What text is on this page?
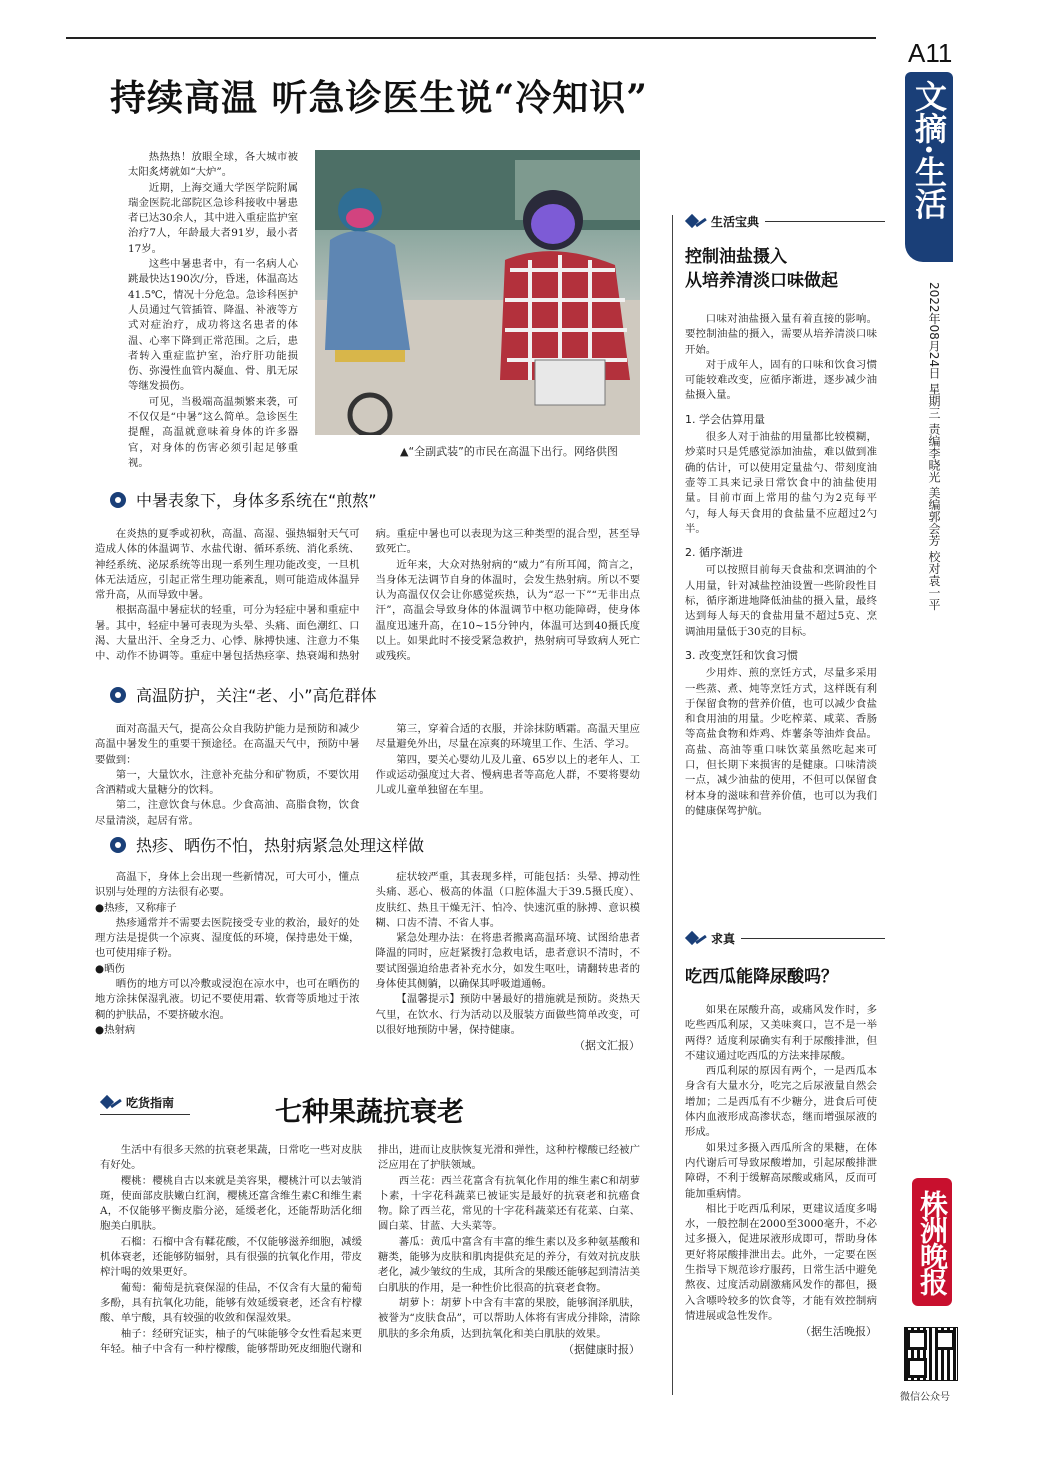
A11
文摘·生活
2022年08月24日 星期三 责编李晓光 美编郭会芳 校对袁一平
株洲晚报
微信公众号
持续高温 听急诊医生说“冷知识”

热热热！放眼全球，各大城市被太阳炙烤就如“大炉”。

近期，上海交通大学医学院附属瑞金医院北部院区急诊科接收中暑患者已达30余人，其中进入重症监护室治疗7人，年龄最大者91岁，最小者17岁。

这些中暑患者中，有一名病人心跳最快达190次/分，昏迷，体温高达41.5℃，情况十分危急。急诊科医护人员通过气管插管、降温、补液等方式对症治疗，成功将这名患者的体温、心率下降到正常范围。之后，患者转入重症监护室，治疗肝功能损伤、弥漫性血管内凝血、骨、肌无尿等继发损伤。

可见，当极端高温频繁来袭，可不仅仅是“中暑”这么简单。急诊医生提醒，高温就意味着身体的许多器官，对身体的伤害必须引起足够重视。

▲“全副武装”的市民在高温下出行。网络供图
中暑表象下，身体多系统在“煎熬”

在炎热的夏季或初秋，高温、高湿、强热辐射天气可造成人体的体温调节、水盐代谢、循环系统、消化系统、神经系统、泌尿系统等出现一系列生理功能改变，一旦机体无法适应，引起正常生理功能紊乱，则可能造成体温异常升高，从而导致中暑。

根据高温中暑症状的轻重，可分为轻症中暑和重症中暑。其中，轻症中暑可表现为头晕、头痛、面色潮红、口渴、大量出汗、全身乏力、心悸、脉搏快速、注意力不集中、动作不协调等。重症中暑包括热痉挛、热衰竭和热射病。重症中暑也可以表现为这三种类型的混合型，甚至导致死亡。

近年来，大众对热射病的“威力”有所耳闻，简言之，当身体无法调节自身的体温时，会发生热射病。所以不要认为高温仅仅会让你感觉疾热，认为“忍一下”“无非出点汗”，高温会导致身体的体温调节中枢功能障碍，使身体温度迅速升高，在10~15分钟内，体温可达到40摄氏度以上。如果此时不接受紧急救护，热射病可导致病人死亡或残疾。

高温防护，关注“老、小”高危群体

面对高温天气，提高公众自我防护能力是预防和减少高温中暑发生的重要干预途径。在高温天气中，预防中暑要做到：

第一，大量饮水，注意补充盐分和矿物质，不要饮用含酒精或大量糖分的饮料。

第二，注意饮食与休息。少食高油、高脂食物，饮食尽量清淡，起居有常。

第三，穿着合适的衣服，并涂抹防晒霜。高温天里应尽量避免外出，尽量在凉爽的环境里工作、生活、学习。

第四，要关心婴幼儿及儿童、65岁以上的老年人、工作或运动强度过大者、慢病患者等高危人群，不要将婴幼儿或儿童单独留在车里。

热疹、晒伤不怕，热射病紧急处理这样做

高温下，身体上会出现一些新情况，可大可小，懂点识别与处理的方法很有必要。

●热疹，又称痱子

热疹通常并不需要去医院接受专业的救治，最好的处理方法是提供一个凉爽、湿度低的环境，保持患处干燥，也可使用痱子粉。

●晒伤

晒伤的地方可以冷敷或浸泡在凉水中，也可在晒伤的地方涂抹保湿乳液。切记不要使用霜、软膏等质地过于浓稠的护肤品，不要挤破水泡。

●热射病

症状较严重，其表现多样，可能包括：头晕、搏动性头痛、恶心、极高的体温（口腔体温大于39.5摄氏度）、皮肤红、热且干燥无汗、怕冷、快速沉重的脉搏、意识模糊、口齿不清、不省人事。

紧急处理办法：在将患者搬离高温环境、试图给患者降温的同时，应赶紧拨打急救电话，患者意识不清时，不要试图强迫给患者补充水分，如发生呕吐，请翻转患者的身体使其侧躺，以确保其呼吸道通畅。

【温馨提示】预防中暑最好的措施就是预防。炎热天气里，在饮水、行为活动以及服装方面做些简单改变，可以很好地预防中暑，保持健康。

（据文汇报）
吃货指南	七种果蔬抗衰老

生活中有很多天然的抗衰老果蔬，日常吃一些对皮肤有好处。

樱桃：樱桃自古以来就是美容果，樱桃汁可以去皱消斑，使面部皮肤嫩白红润，樱桃还富含维生素C和维生素A，不仅能够平衡皮脂分泌，延缓老化，还能帮助活化细胞美白肌肤。

石榴：石榴中含有鞣花酸，不仅能够滋养细胞，减缓机体衰老，还能够防辐射，具有很强的抗氧化作用，带皮榨汁喝的效果更好。

葡萄：葡萄是抗衰保湿的佳品，不仅含有大量的葡萄多酚，具有抗氧化功能，能够有效延缓衰老，还含有柠檬酸、单宁酸，具有较强的收敛和保湿效果。

柚子：经研究证实，柚子的气味能够令女性看起来更年轻。柚子中含有一种柠檬酸，能够帮助死皮细胞代谢和排出，进而让皮肤恢复光滑和弹性，这种柠檬酸已经被广泛应用在了护肤领域。

西兰花：西兰花富含有抗氧化作用的维生素C和胡萝卜素，十字花科蔬菜已被证实是最好的抗衰老和抗癌食物。除了西兰花，常见的十字花科蔬菜还有花菜、白菜、圆白菜、甘蓝、大头菜等。

蕃瓜：黄瓜中富含有丰富的维生素以及多种氨基酸和糖类，能够为皮肤和肌肉提供充足的养分，有效对抗皮肤老化，减少皱纹的生成，其所含的果酸还能够起到清洁美白肌肤的作用，是一种性价比很高的抗衰老食物。

胡萝卜：胡萝卜中含有丰富的果胶，能够润泽肌肤，被誉为“皮肤食品”，可以帮助人体将有害成分排除，清除肌肤的多余角质，达到抗氧化和美白肌肤的效果。

（据健康时报）
生活宝典
控制油盐摄入
从培养清淡口味做起

口味对油盐摄入量有着直接的影响。要控制油盐的摄入，需要从培养清淡口味开始。

对于成年人，固有的口味和饮食习惯可能较难改变，应循序渐进，逐步减少油盐摄入量。

1. 学会估算用量

很多人对于油盐的用量都比较模糊，炒菜时只是凭感觉添加油盐，难以做到准确的估计，可以使用定量盐勺、带刻度油壶等工具来记录日常饮食中的油盐使用量。目前市面上常用的盐勺为2克每平勺，每人每天食用的食盐量不应超过2勺半。

2. 循序渐进

可以按照目前每天食盐和烹调油的个人用量，针对减盐控油设置一些阶段性目标，循序渐进地降低油盐的摄入量，最终达到每人每天的食盐用量不超过5克、烹调油用量低于30克的目标。

3. 改变烹饪和饮食习惯

少用炸、煎的烹饪方式，尽量多采用一些蒸、煮、炖等烹饪方式，这样既有利于保留食物的营养价值，也可以减少食盐和食用油的用量。少吃榨菜、咸菜、香肠等高盐食物和炸鸡、炸薯条等油炸食品。高盐、高油等重口味饮菜虽然吃起来可口，但长期下来损害的是健康。口味清淡一点，减少油盐的使用，不但可以保留食材本身的滋味和营养价值，也可以为我们的健康保驾护航。

求真
吃西瓜能降尿酸吗？

如果在尿酸升高，或痛风发作时，多吃些西瓜利尿，又美味爽口，岂不是一举两得？适度利尿确实有利于尿酸排泄，但不建议通过吃西瓜的方法来排尿酸。

西瓜利尿的原因有两个，一是西瓜本身含有大量水分，吃完之后尿液量自然会增加；二是西瓜有不少糖分，进食后可使体内血液形成高渗状态，继而增强尿液的形成。

如果过多摄入西瓜所含的果糖，在体内代谢后可导致尿酸增加，引起尿酸排泄障碍，不利于缓解高尿酸或痛风，反而可能加重病情。

相比于吃西瓜利尿，更建议适度多喝水，一般控制在2000至3000毫升，不必过多摄入，促进尿液形成即可，帮助身体更好将尿酸排泄出去。此外，一定要在医生指导下规范诊疗服药，日常生活中避免熬夜、过度活动剧激痛风发作的都但，摄入含嘌呤较多的饮食等，才能有效控制病情进展或急性发作。

（据生活晚报）
